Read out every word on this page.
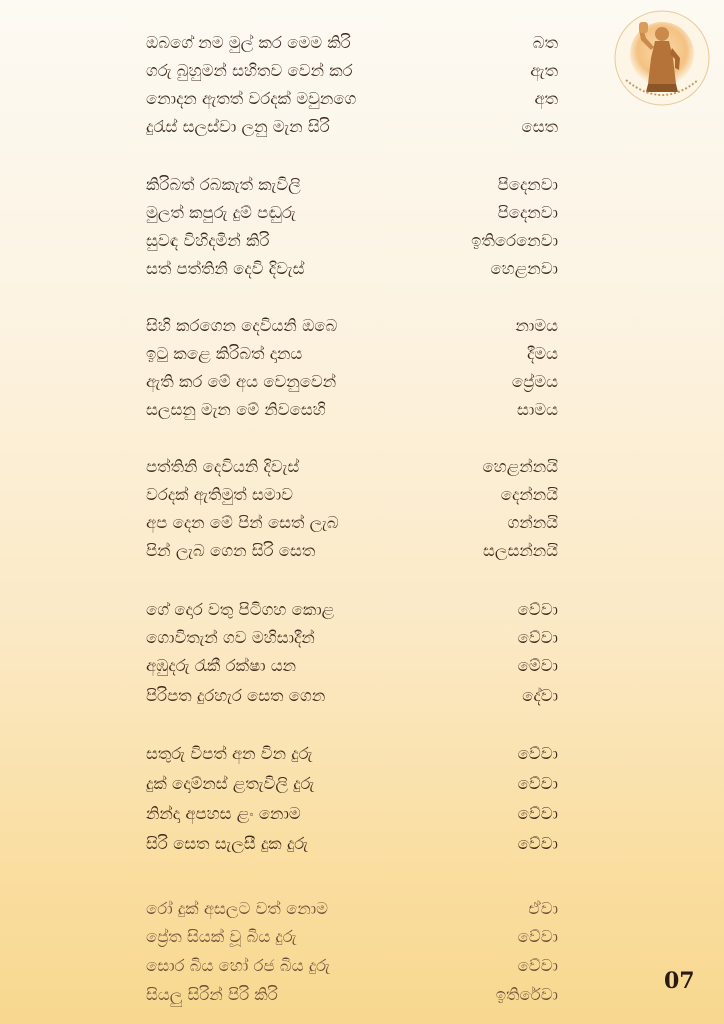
ඔබගේ නම මුල් කර මෙම කිරි	බත
ගරු බුහුමන් සහිතව වෙන් කර	ඇත
නොදන ඇතත් වරදක් මවුනගෙ	අත
දුරැස් සලස්වා ලනු මැන සිරි	සෙත
කිරිබත් රබකැත් කැවිලි	පිදෙනවා
මුලත් කපුරු දුම් පඬුරු	පිදෙනවා
සුවඳ විහිදමින් කිරි	ඉතිරෙනෙවා
සත් පත්තිනි දෙවි දිවැස්	හෙළනවා
සිහි කරගෙන දෙවියනි ඔබෙ	නාමය
ඉටු කළෙ කිරිබත් දානය	දීමය
ඇති කර මේ අය වෙනුවෙන්	ප්‍රේමය
සලසනු මැන මේ නිවසෙහි	සාමය
පත්තිනි දෙවියනි දිවැස්	හෙළන්නයි
වරදක් ඇතිමුත් සමාව	දෙන්නයි
අප දෙන මේ පින් සෙත් ලැබ	ගන්නයි
පින් ලැබ ගෙන සිරි සෙත	සලසන්නයි
ගේ දොර වතු පිටිගහ කොළ	වේවා
ගොවිතැන් ගව මහිසාදීන්	වේවා
අඹුදරු රැකී රක්ෂා යන	මේවා
පිරිපත දුරහැර සෙත ගෙන	දේවා
සතුරු විපත් අන වින දුරු	වේවා
දුක් දොම්නස් ළතැවිලි දුරු	වේවා
නින්දා අපහස ළං නොම	වේවා
සිරි සෙත සැලසී දුක දුරු	වේවා
රෝ දුක් අසලට වත් නොම	ඒවා
ප්‍රේත සියක් වූ බිය දුරු	වේවා
සොර බිය හෝ රජ බිය දුරු	වේවා
සියලු සිරින් පිරි කිරි	ඉතිරේවා
07
